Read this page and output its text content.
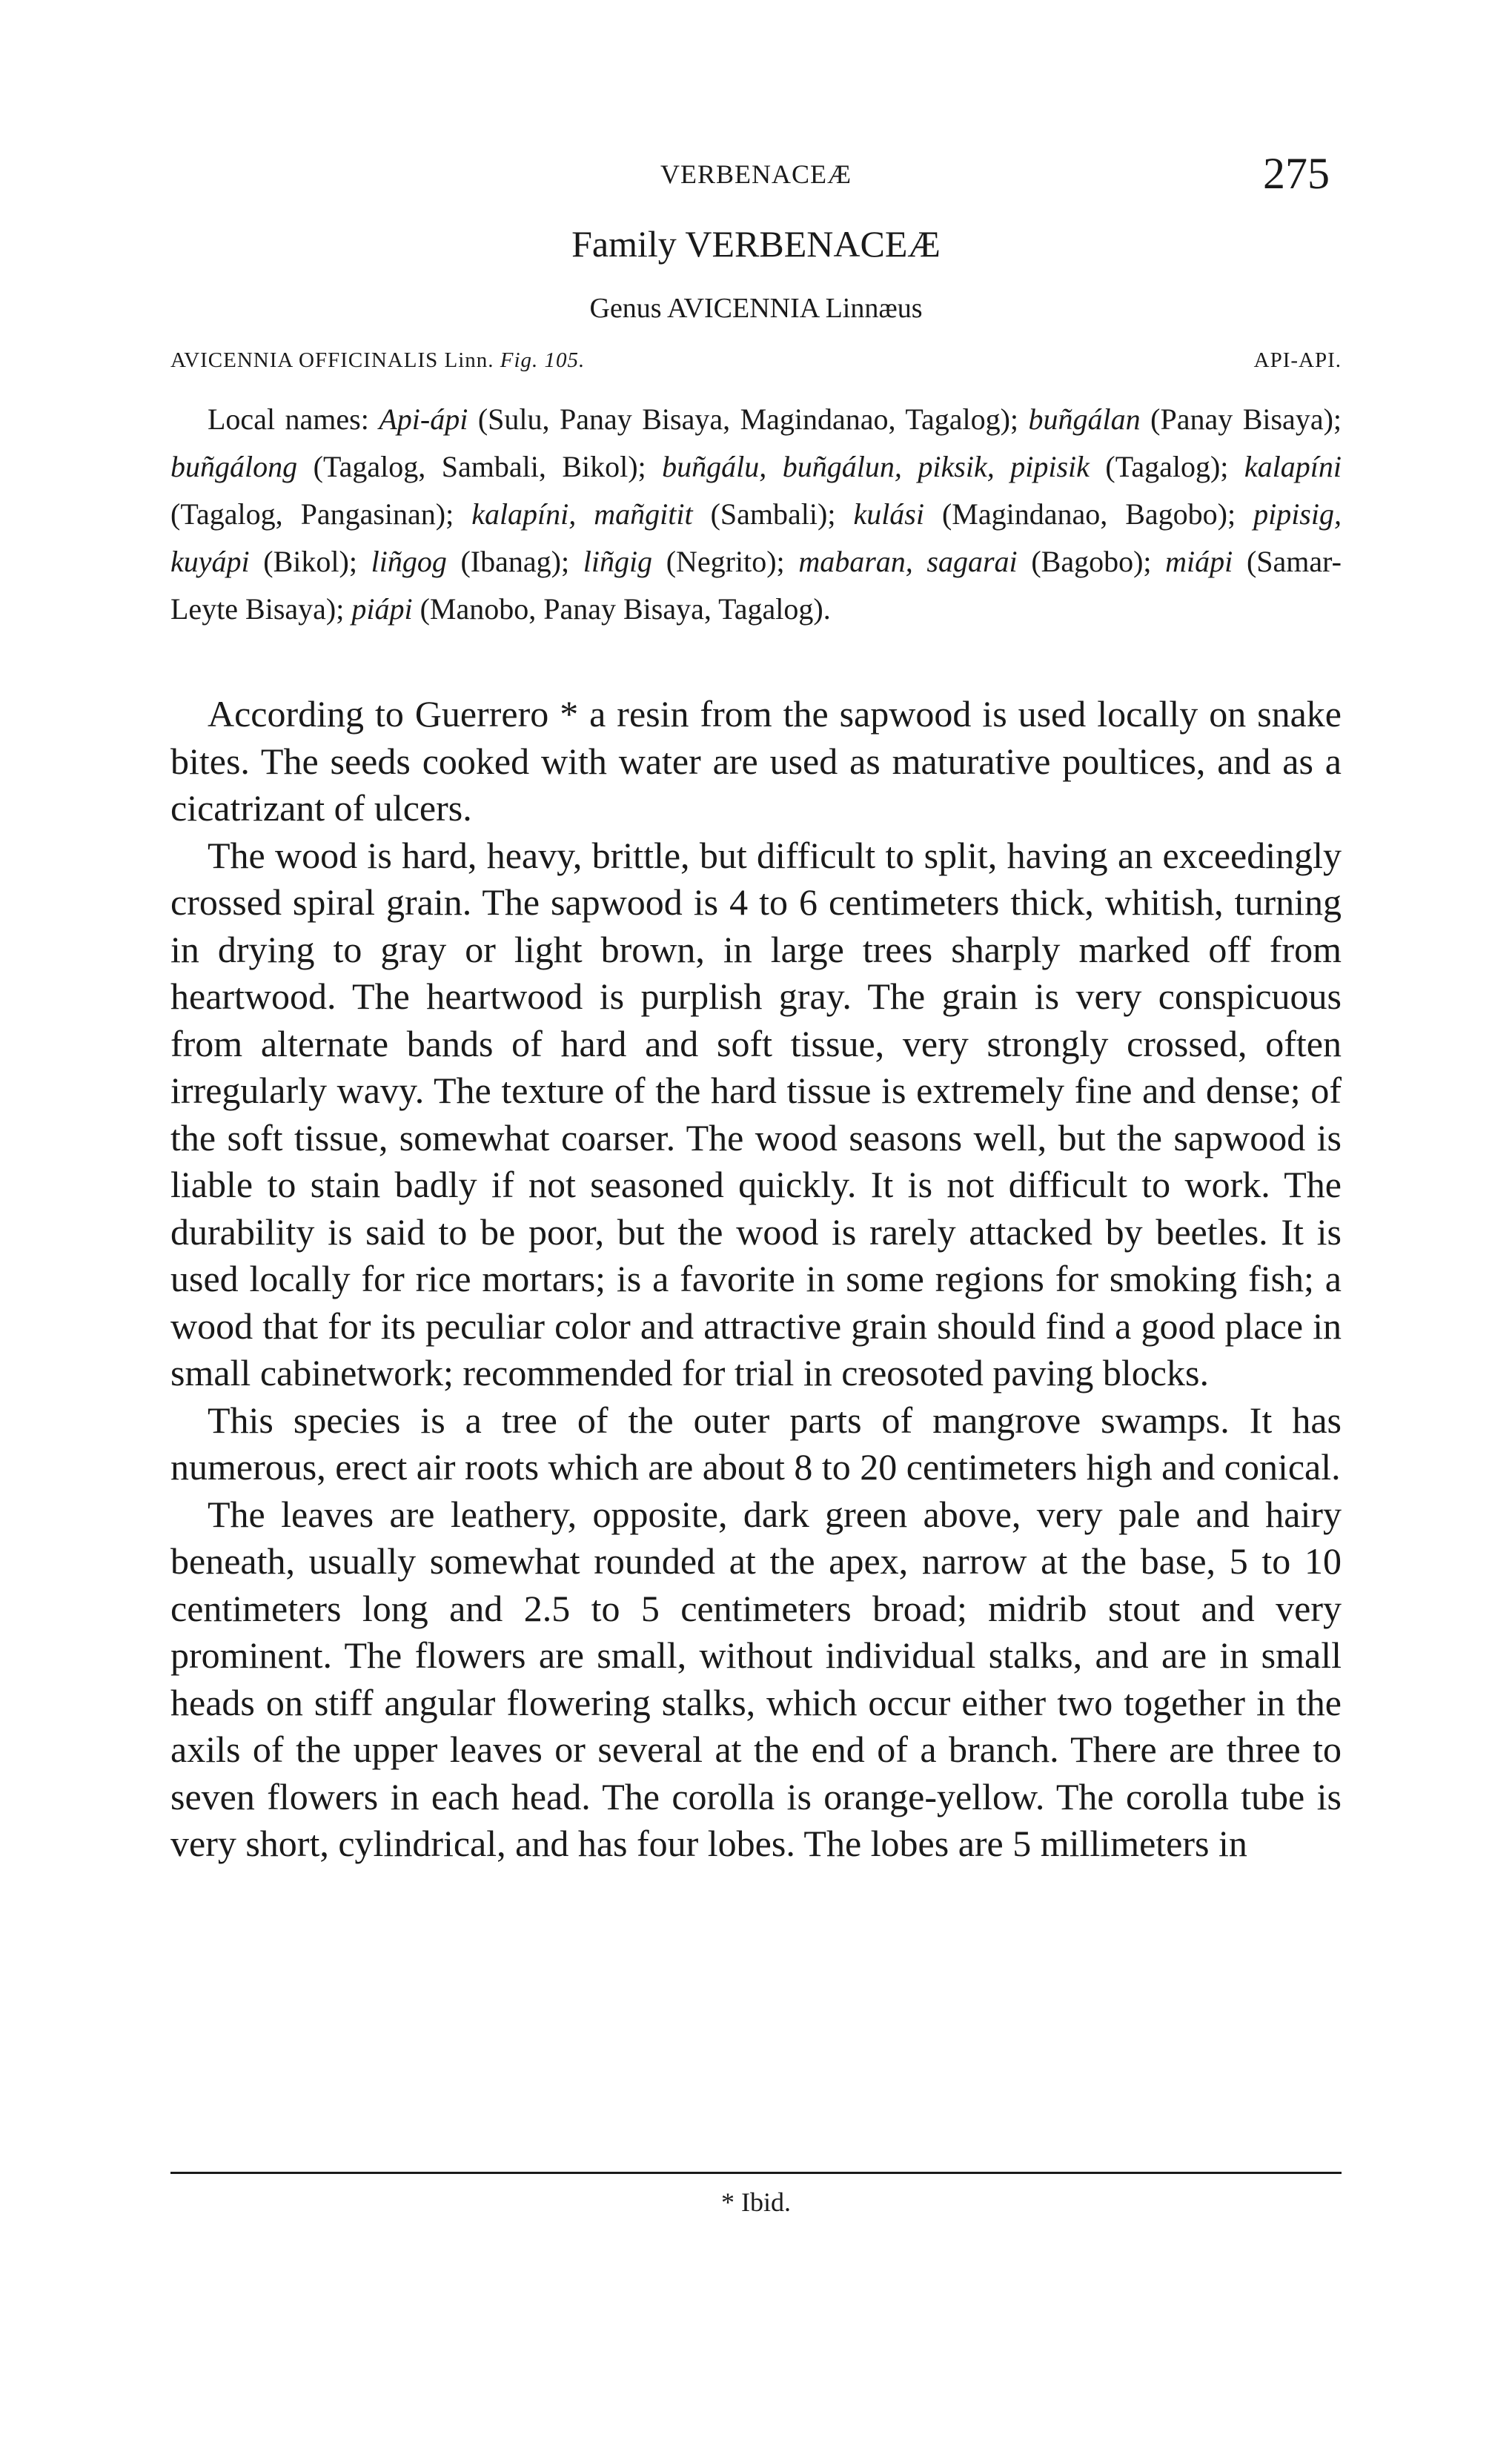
VERBENACEÆ	275
Family VERBENACEÆ
Genus AVICENNIA Linnæus
AVICENNIA OFFICINALIS Linn. Fig. 105.	API-API.

Local names: Api-ápi (Sulu, Panay Bisaya, Magindanao, Tagalog); buñgálan (Panay Bisaya); buñgálong (Tagalog, Sambali, Bikol); buñgálu, buñgálun, piksik, pipisik (Tagalog); kalapíni (Tagalog, Pangasinan); kalapíni, mañgitit (Sambali); kulási (Magindanao, Bagobo); pipisig, kuyápi (Bikol); liñgog (Ibanag); liñgig (Negrito); mabaran, sagarai (Bagobo); miápi (Samar-Leyte Bisaya); piápi (Manobo, Panay Bisaya, Tagalog).

According to Guerrero * a resin from the sapwood is used locally on snake bites. The seeds cooked with water are used as maturative poultices, and as a cicatrizant of ulcers.

The wood is hard, heavy, brittle, but difficult to split, having an exceedingly crossed spiral grain. The sapwood is 4 to 6 centimeters thick, whitish, turning in drying to gray or light brown, in large trees sharply marked off from heartwood. The heartwood is purplish gray. The grain is very conspicuous from alternate bands of hard and soft tissue, very strongly crossed, often irregularly wavy. The texture of the hard tissue is extremely fine and dense; of the soft tissue, somewhat coarser. The wood seasons well, but the sapwood is liable to stain badly if not seasoned quickly. It is not difficult to work. The durability is said to be poor, but the wood is rarely attacked by beetles. It is used locally for rice mortars; is a favorite in some regions for smoking fish; a wood that for its peculiar color and attractive grain should find a good place in small cabinetwork; recommended for trial in creosoted paving blocks.

This species is a tree of the outer parts of mangrove swamps. It has numerous, erect air roots which are about 8 to 20 centimeters high and conical.

The leaves are leathery, opposite, dark green above, very pale and hairy beneath, usually somewhat rounded at the apex, narrow at the base, 5 to 10 centimeters long and 2.5 to 5 centimeters broad; midrib stout and very prominent. The flowers are small, without individual stalks, and are in small heads on stiff angular flowering stalks, which occur either two together in the axils of the upper leaves or several at the end of a branch. There are three to seven flowers in each head. The corolla is orange-yellow. The corolla tube is very short, cylindrical, and has four lobes. The lobes are 5 millimeters in

* Ibid.
